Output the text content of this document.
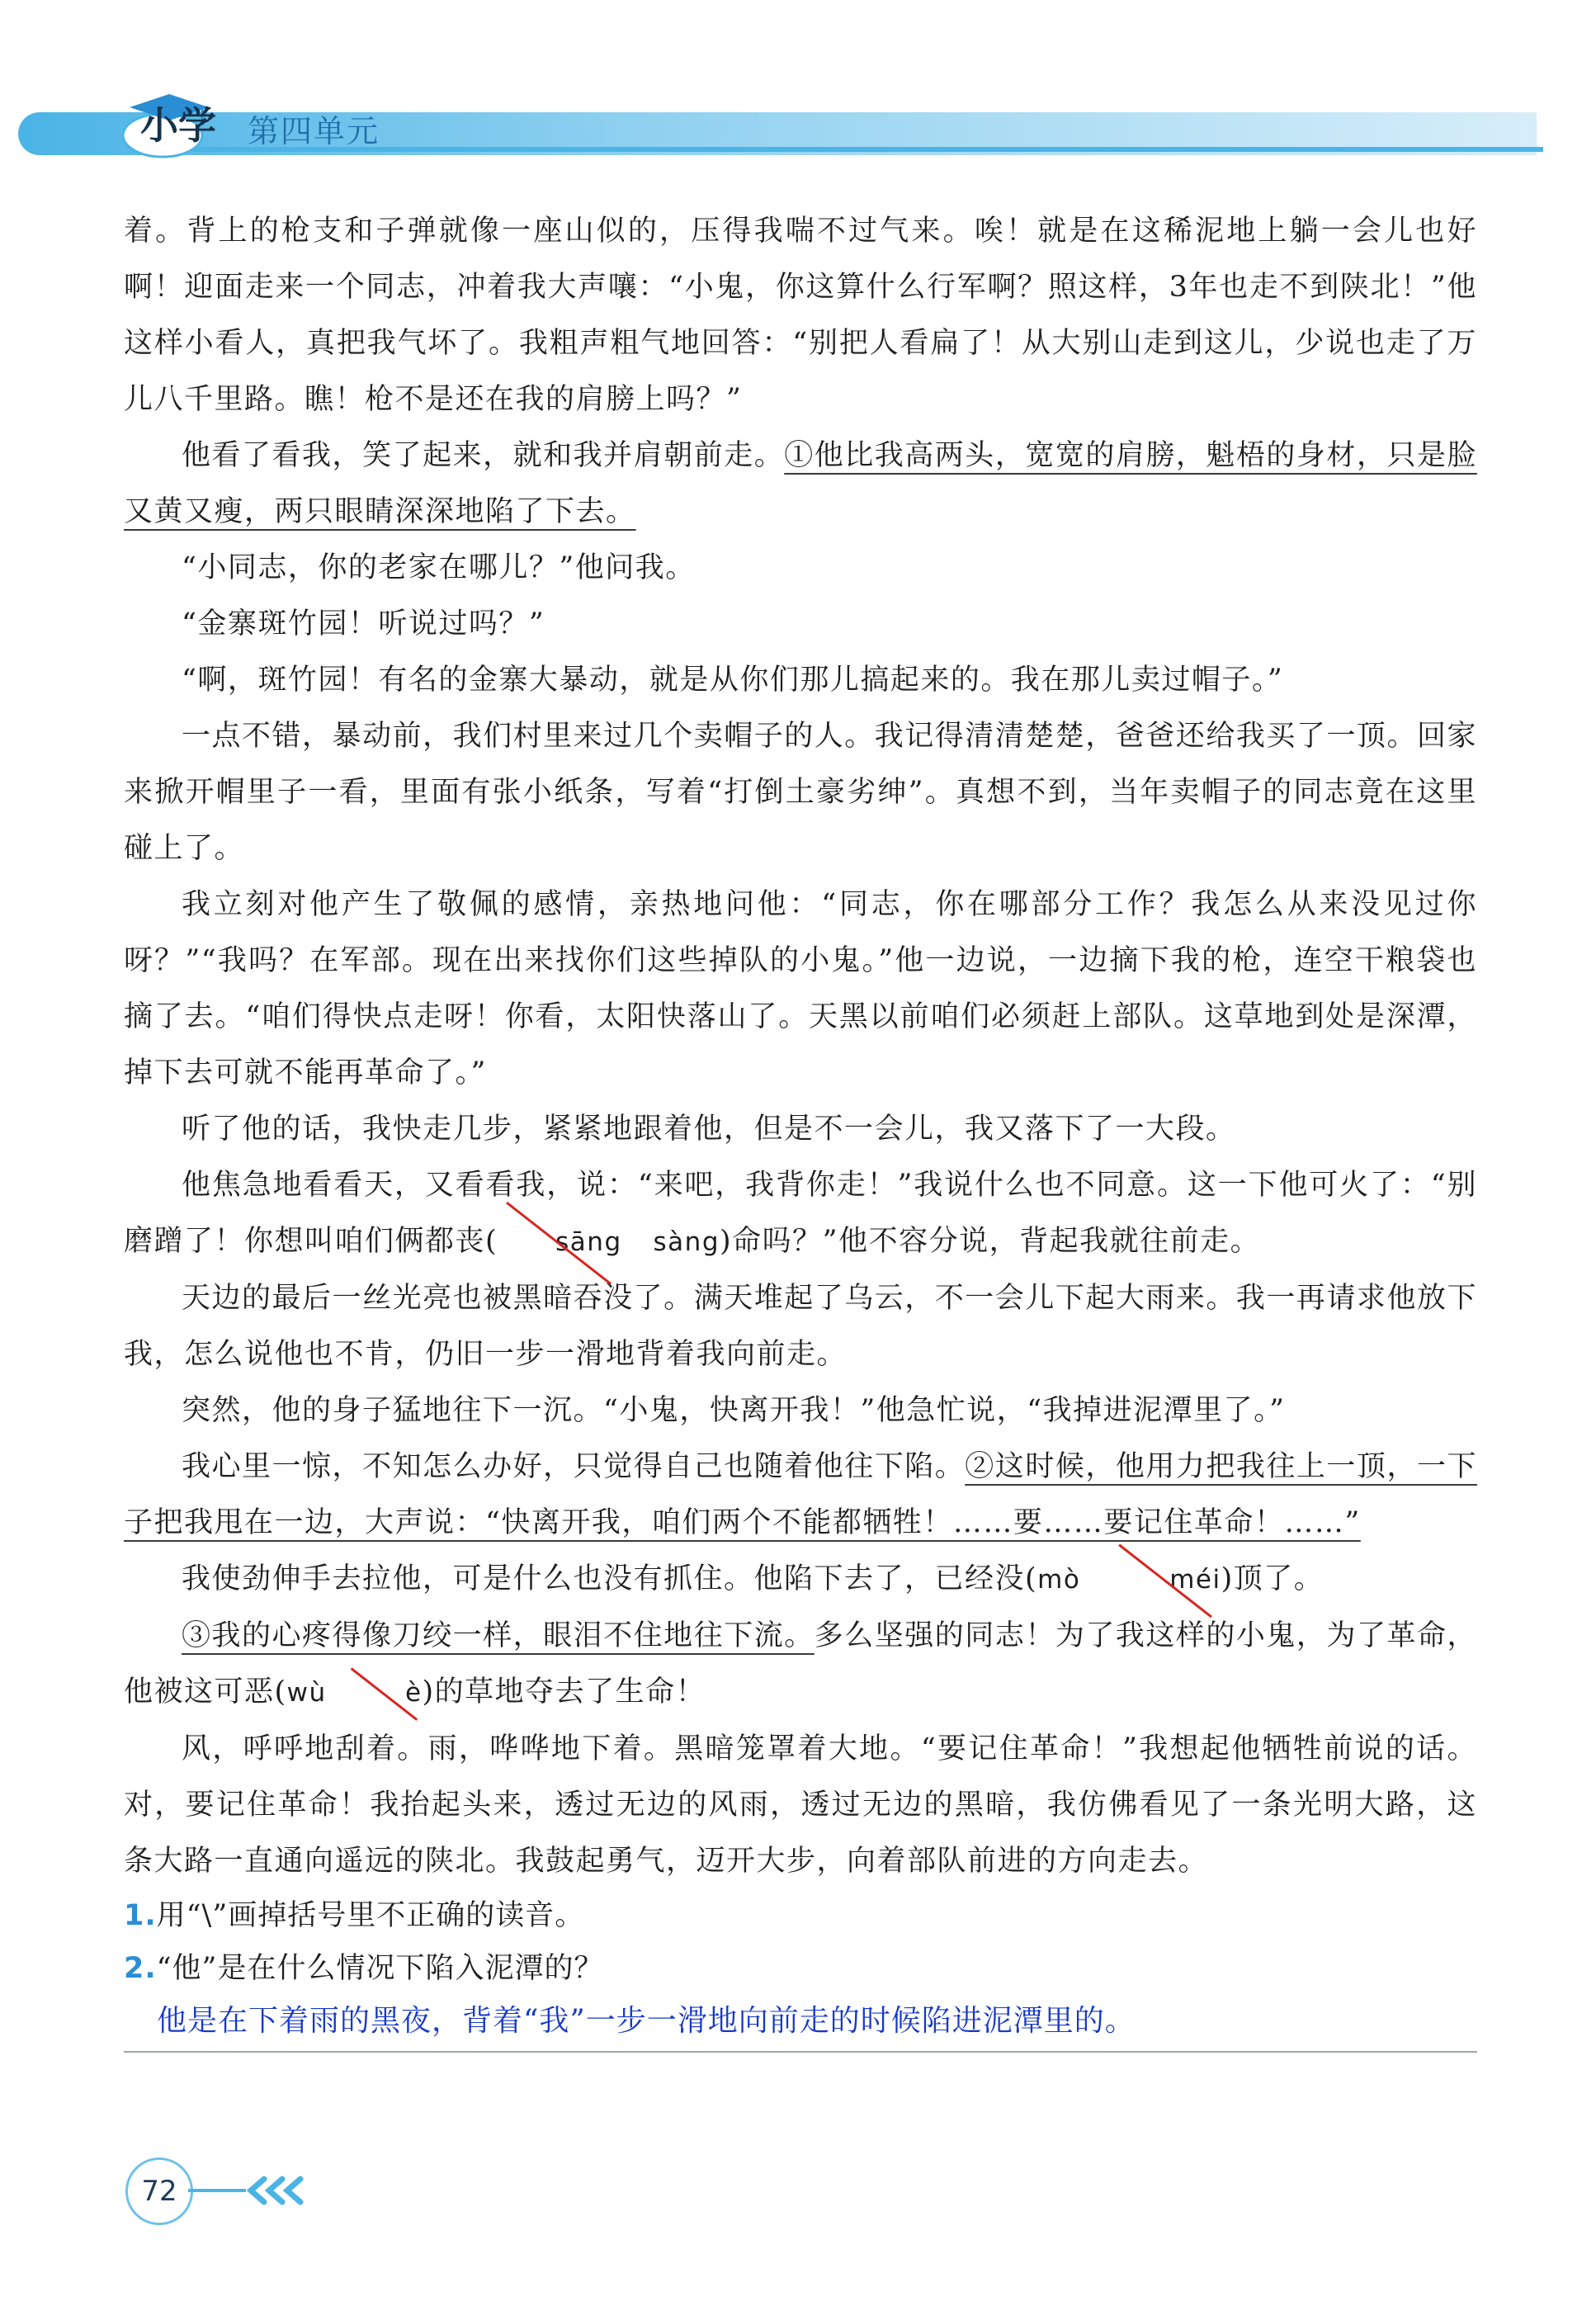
小学 第四单元

着。背上的枪支和子弹就像一座山似的，压得我喘不过气来。唉！就是在这稀泥地上躺一会儿也好啊！迎面走来一个同志，冲着我大声嚷：“小鬼，你这算什么行军啊？照这样，3年也走不到陕北！”他这样小看人，真把我气坏了。我粗声粗气地回答：“别把人看扁了！从大别山走到这儿，少说也走了万儿八千里路。瞧！枪不是还在我的肩膀上吗？”

他看了看我，笑了起来，就和我并肩朝前走。①他比我高两头，宽宽的肩膀，魁梧的身材，只是脸又黄又瘦，两只眼睛深深地陷了下去。

“小同志，你的老家在哪儿？”他问我。

“金寨斑竹园！听说过吗？”

“啊，斑竹园！有名的金寨大暴动，就是从你们那儿搞起来的。我在那儿卖过帽子。”

一点不错，暴动前，我们村里来过几个卖帽子的人。我记得清清楚楚，爸爸还给我买了一顶。回家来掀开帽里子一看，里面有张小纸条，写着“打倒土豪劣绅”。真想不到，当年卖帽子的同志竟在这里碰上了。

我立刻对他产生了敬佩的感情，亲热地问他：“同志，你在哪部分工作？我怎么从来没见过你呀？”“我吗？在军部。现在出来找你们这些掉队的小鬼。”他一边说，一边摘下我的枪，连空干粮袋也摘了去。“咱们得快点走呀！你看，太阳快落山了。天黑以前咱们必须赶上部队。这草地到处是深潭，掉下去可就不能再革命了。”

听了他的话，我快走几步，紧紧地跟着他，但是不一会儿，我又落下了一大段。

他焦急地看看天，又看看我，说：“来吧，我背你走！”我说什么也不同意。这一下他可火了：“别磨蹭了！你想叫咱们俩都丧( sāng sàng)命吗？”他不容分说，背起我就往前走。

天边的最后一丝光亮也被黑暗吞没了。满天堆起了乌云，不一会儿下起大雨来。我一再请求他放下我，怎么说他也不肯，仍旧一步一滑地背着我向前走。

突然，他的身子猛地往下一沉。“小鬼，快离开我！”他急忙说，“我掉进泥潭里了。”

我心里一惊，不知怎么办好，只觉得自己也随着他往下陷。②这时候，他用力把我往上一顶，一下子把我甩在一边，大声说：“快离开我，咱们两个不能都牺牲！……要……要记住革命！……”

我使劲伸手去拉他，可是什么也没有抓住。他陷下去了，已经没(mò	méi)顶了。

③我的心疼得像刀绞一样，眼泪不住地往下流。多么坚强的同志！为了我这样的小鬼，为了革命，他被这可恶(wù	è)的草地夺去了生命！

风，呼呼地刮着。雨，哗哗地下着。黑暗笼罩着大地。“要记住革命！”我想起他牺牲前说的话。对，要记住革命！我抬起头来，透过无边的风雨，透过无边的黑暗，我仿佛看见了一条光明大路，这条大路一直通向遥远的陕北。我鼓起勇气，迈开大步，向着部队前进的方向走去。

1.用“\”画掉括号里不正确的读音。

2.“他”是在什么情况下陷入泥潭的？

他是在下着雨的黑夜，背着“我”一步一滑地向前走的时候陷进泥潭里的。

72
